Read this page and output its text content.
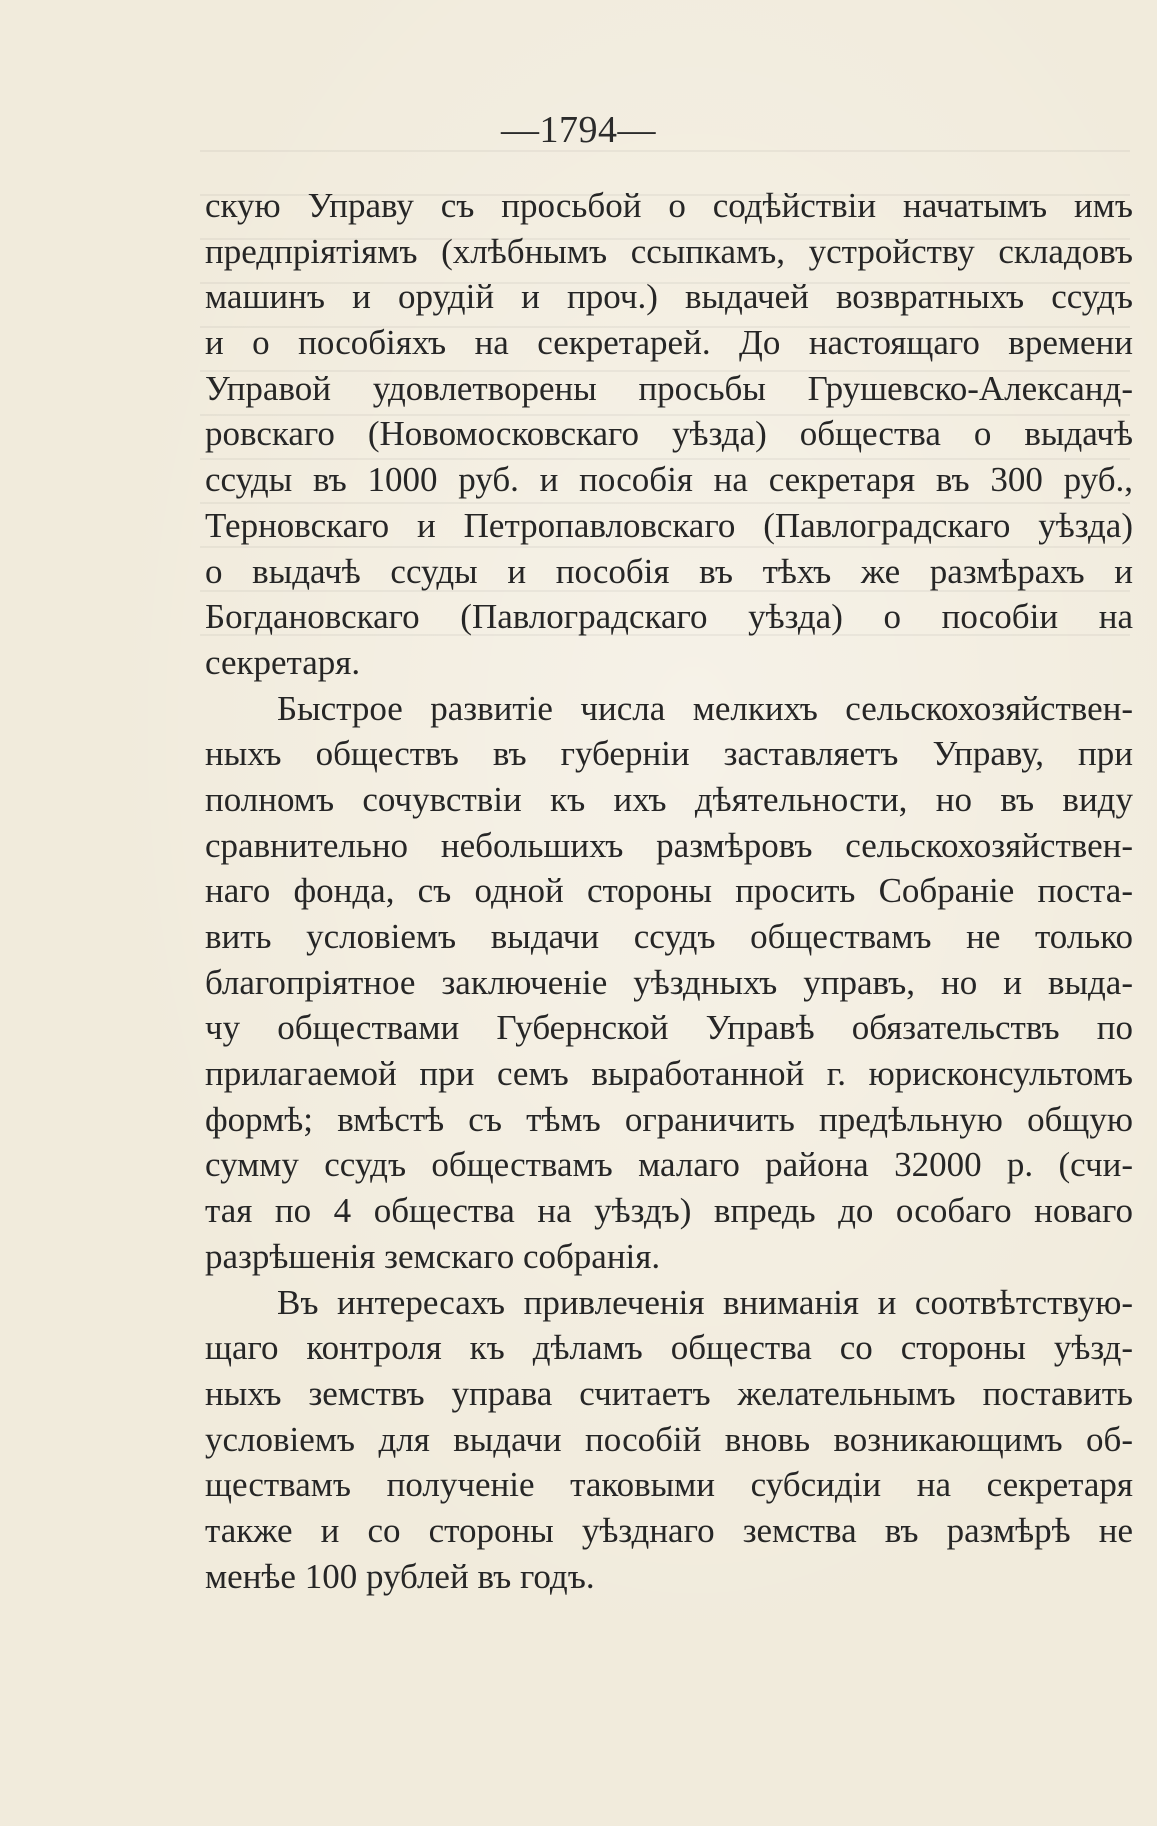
—1794—
скую Управу съ просьбой о содѣйствіи начатымъ имъ
предпріятіямъ (хлѣбнымъ ссыпкамъ, устройству складовъ
машинъ и орудій и проч.) выдачей возвратныхъ ссудъ
и о пособіяхъ на секретарей. До настоящаго времени
Управой удовлетворены просьбы Грушевско-Александ-
ровскаго (Новомосковскаго уѣзда) общества о выдачѣ
ссуды въ 1000 руб. и пособія на секретаря въ 300 руб.,
Терновскаго и Петропавловскаго (Павлоградскаго уѣзда)
о выдачѣ ссуды и пособія въ тѣхъ же размѣрахъ и
Богдановскаго (Павлоградскаго уѣзда) о пособіи на
секретаря.
Быстрое развитіе числа мелкихъ сельскохозяйствен-
ныхъ обществъ въ губерніи заставляетъ Управу, при
полномъ сочувствіи къ ихъ дѣятельности, но въ виду
сравнительно небольшихъ размѣровъ сельскохозяйствен-
наго фонда, съ одной стороны просить Собраніе поста-
вить условіемъ выдачи ссудъ обществамъ не только
благопріятное заключеніе уѣздныхъ управъ, но и выда-
чу обществами Губернской Управѣ обязательствъ по
прилагаемой при семъ выработанной г. юрисконсультомъ
формѣ; вмѣстѣ съ тѣмъ ограничить предѣльную общую
сумму ссудъ обществамъ малаго района 32000 р. (счи-
тая по 4 общества на уѣздъ) впредь до особаго новаго
разрѣшенія земскаго собранія.
Въ интересахъ привлеченія вниманія и соотвѣтствую-
щаго контроля къ дѣламъ общества со стороны уѣзд-
ныхъ земствъ управа считаетъ желательнымъ поставить
условіемъ для выдачи пособій вновь возникающимъ об-
ществамъ полученіе таковыми субсидіи на секретаря
также и со стороны уѣзднаго земства въ размѣрѣ не
менѣе 100 рублей въ годъ.
